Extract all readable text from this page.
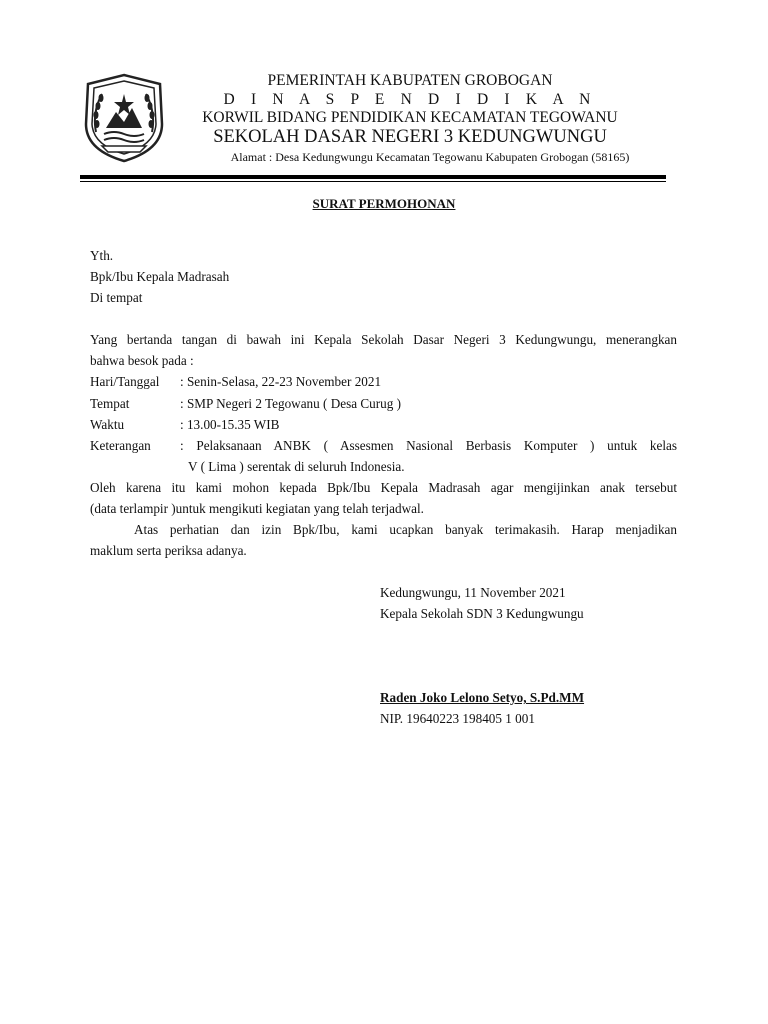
PEMERINTAH KABUPATEN GROBOGAN
D I N A S P E N D I D I K A N
KORWIL BIDANG PENDIDIKAN KECAMATAN TEGOWANU
SEKOLAH DASAR NEGERI 3 KEDUNGWUNGU
Alamat : Desa Kedungwungu Kecamatan Tegowanu Kabupaten Grobogan (58165)
SURAT PERMOHONAN
Yth.
Bpk/Ibu Kepala Madrasah
Di tempat
Yang bertanda tangan di bawah ini Kepala Sekolah Dasar Negeri 3 Kedungwungu, menerangkan
bahwa besok pada :
Hari/Tanggal : Senin-Selasa, 22-23 November 2021
Tempat	: SMP Negeri 2 Tegowanu ( Desa Curug )
Waktu	: 13.00-15.35 WIB
Keterangan : Pelaksanaan ANBK ( Assesmen Nasional Berbasis Komputer ) untuk kelas
V ( Lima ) serentak di seluruh Indonesia.
Oleh karena itu kami mohon kepada Bpk/Ibu Kepala Madrasah agar mengijinkan anak tersebut
(data terlampir )untuk mengikuti kegiatan yang telah terjadwal.
Atas perhatian dan izin Bpk/Ibu, kami ucapkan banyak terimakasih. Harap menjadikan
maklum serta periksa adanya.
Kedungwungu, 11 November 2021
Kepala Sekolah SDN 3 Kedungwungu
Raden Joko Lelono Setyo, S.Pd.MM
NIP. 19640223 198405 1 001
